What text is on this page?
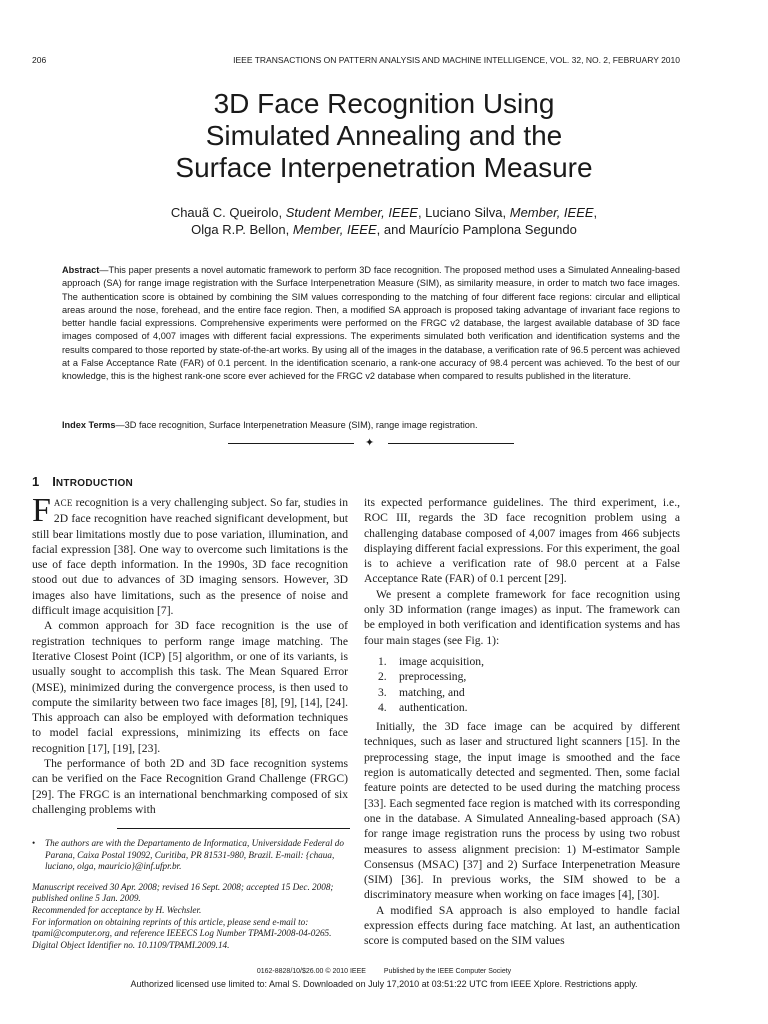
206	IEEE TRANSACTIONS ON PATTERN ANALYSIS AND MACHINE INTELLIGENCE, VOL. 32, NO. 2, FEBRUARY 2010
3D Face Recognition Using
Simulated Annealing and the
Surface Interpenetration Measure
Chauã C. Queirolo, Student Member, IEEE, Luciano Silva, Member, IEEE,
Olga R.P. Bellon, Member, IEEE, and Maurício Pamplona Segundo
Abstract—This paper presents a novel automatic framework to perform 3D face recognition. The proposed method uses a Simulated Annealing-based approach (SA) for range image registration with the Surface Interpenetration Measure (SIM), as similarity measure, in order to match two face images. The authentication score is obtained by combining the SIM values corresponding to the matching of four different face regions: circular and elliptical areas around the nose, forehead, and the entire face region. Then, a modified SA approach is proposed taking advantage of invariant face regions to better handle facial expressions. Comprehensive experiments were performed on the FRGC v2 database, the largest available database of 3D face images composed of 4,007 images with different facial expressions. The experiments simulated both verification and identification systems and the results compared to those reported by state-of-the-art works. By using all of the images in the database, a verification rate of 96.5 percent was achieved at a False Acceptance Rate (FAR) of 0.1 percent. In the identification scenario, a rank-one accuracy of 98.4 percent was achieved. To the best of our knowledge, this is the highest rank-one score ever achieved for the FRGC v2 database when compared to results published in the literature.
Index Terms—3D face recognition, Surface Interpenetration Measure (SIM), range image registration.
✦
1 INTRODUCTION

FACE recognition is a very challenging subject. So far, studies in 2D face recognition have reached significant development, but still bear limitations mostly due to pose variation, illumination, and facial expression [38]. One way to overcome such limitations is the use of face depth information. In the 1990s, 3D face recognition stood out due to advances of 3D imaging sensors. However, 3D images also have limitations, such as the presence of noise and difficult image acquisition [7].

A common approach for 3D face recognition is the use of registration techniques to perform range image matching. The Iterative Closest Point (ICP) [5] algorithm, or one of its variants, is usually sought to accomplish this task. The Mean Squared Error (MSE), minimized during the convergence process, is then used to compute the similarity between two face images [8], [9], [14], [24]. This approach can also be employed with deformation techniques to model facial expressions, minimizing its effects on face recognition [17], [19], [23].

The performance of both 2D and 3D face recognition systems can be verified on the Face Recognition Grand Challenge (FRGC) [29]. The FRGC is an international benchmarking composed of six challenging problems with

•	The authors are with the Departamento de Informatica, Universidade Federal do Parana, Caixa Postal 19092, Curitiba, PR 81531-980, Brazil. E-mail: {chaua, luciano, olga, mauricio}@inf.ufpr.br.
Manuscript received 30 Apr. 2008; revised 16 Sept. 2008; accepted 15 Dec. 2008; published online 5 Jan. 2009.
Recommended for acceptance by H. Wechsler.
For information on obtaining reprints of this article, please send e-mail to: tpami@computer.org, and reference IEEECS Log Number TPAMI-2008-04-0265.
Digital Object Identifier no. 10.1109/TPAMI.2009.14.

its expected performance guidelines. The third experiment, i.e., ROC III, regards the 3D face recognition problem using a challenging database composed of 4,007 images from 466 subjects displaying different facial expressions. For this experiment, the goal is to achieve a verification rate of 98.0 percent at a False Acceptance Rate (FAR) of 0.1 percent [29].

We present a complete framework for face recognition using only 3D information (range images) as input. The framework can be employed in both verification and identification systems and has four main stages (see Fig. 1):

1.	image acquisition,
2.	preprocessing,
3.	matching, and
4.	authentication.

Initially, the 3D face image can be acquired by different techniques, such as laser and structured light scanners [15]. In the preprocessing stage, the input image is smoothed and the face region is automatically detected and segmented. Then, some facial feature points are detected to be used during the matching process [33]. Each segmented face region is matched with its corresponding one in the database. A Simulated Annealing-based approach (SA) for range image registration runs the process by using two robust measures to assess alignment precision: 1) M-estimator Sample Consensus (MSAC) [37] and 2) Surface Interpenetration Measure (SIM) [36]. In previous works, the SIM showed to be a discriminatory measure when working on face images [4], [30].

A modified SA approach is also employed to handle facial expression effects during face matching. At last, an authentication score is computed based on the SIM values

0162-8828/10/$26.00 © 2010 IEEE	Published by the IEEE Computer Society
Authorized licensed use limited to: Amal S. Downloaded on July 17,2010 at 03:51:22 UTC from IEEE Xplore. Restrictions apply.
